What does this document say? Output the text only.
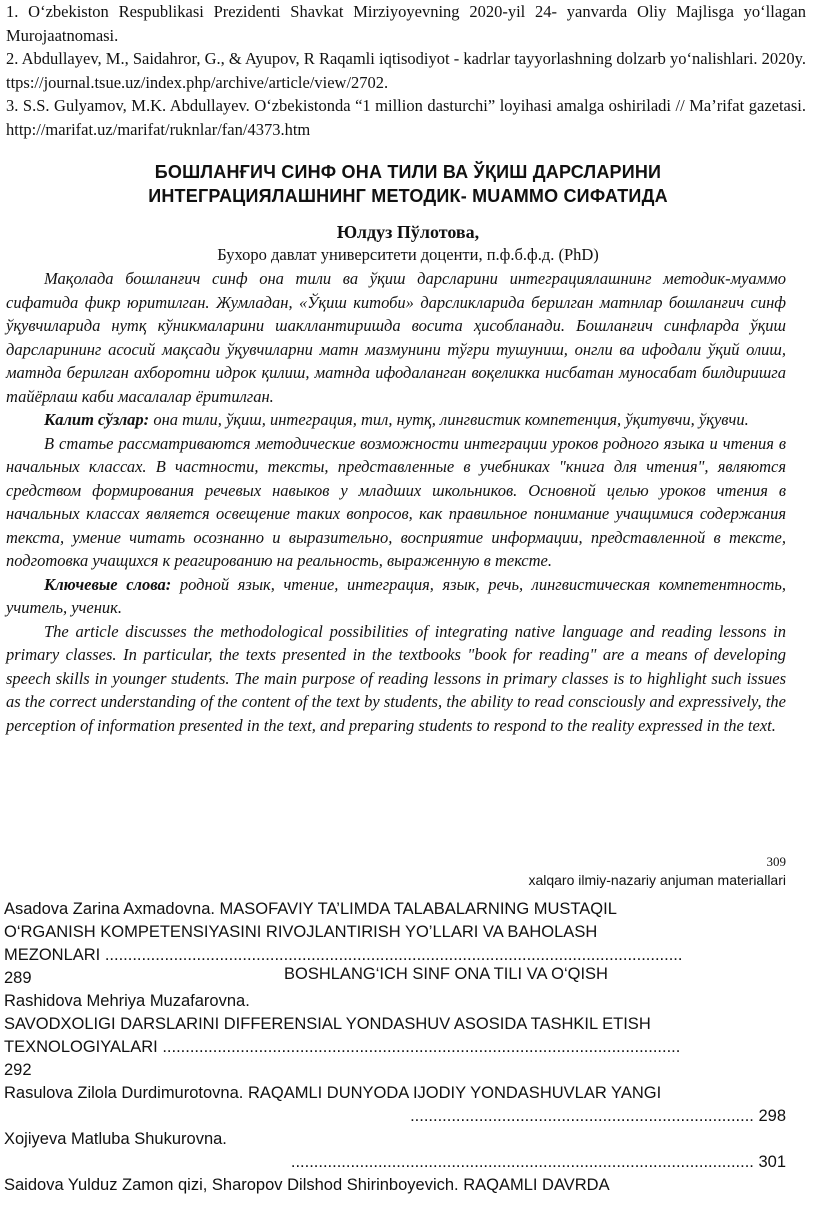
1. O‘zbekiston Respublikasi Prezidenti Shavkat Mirziyoyevning 2020-yil 24- yanvarda Oliy Majlisga yo‘llagan Murojaatnomasi.

2. Abdullayev, M., Saidahror, G., & Ayupov, R Raqamli iqtisodiyot - kadrlar tayyorlashning dolzarb yo‘nalishlari. 2020y. ttps://journal.tsue.uz/index.php/archive/article/view/2702.

3. S.S. Gulyamov, M.K. Abdullayev. O‘zbekistonda “1 million dasturchi” loyihasi amalga oshiriladi // Ma’rifat gazetasi. http://marifat.uz/marifat/ruknlar/fan/4373.htm

БОШЛАНҒИЧ СИНФ ОНА ТИЛИ ВА ЎҚИШ ДАРСЛАРИНИ
ИНТЕГРАЦИЯЛАШНИНГ МЕТОДИК- MUАММО СИФАТИДА
Юлдуз Пўлотова,
Бухоро давлат университети доценти, п.ф.б.ф.д. (PhD)

Мақолада бошланғич синф она тили ва ўқиш дарсларини интеграциялашнинг методик-муаммо сифатида фикр юритилган. Жумладан, «Ўқиш китоби» дарсликларида берилган матнлар бошланғич синф ўқувчиларида нутқ кўникмаларини шакллантиришда восита ҳисобланади. Бошланғич синфларда ўқиш дарсларининг асосий мақсади ўқувчиларни матн мазмунини тўғри тушуниш, онгли ва ифодали ўқий олиш, матнда берилган ахборотни идрок қилиш, матнда ифодаланган воқеликка нисбатан муносабат билдиришга тайёрлаш каби масалалар ёритилган.

Калит сўзлар: она тили, ўқиш, интеграция, тил, нутқ, лингвистик компетенция, ўқитувчи, ўқувчи.

В статье рассматриваются методические возможности интеграции уроков родного языка и чтения в начальных классах. В частности, тексты, представленные в учебниках "книга для чтения", являются средством формирования речевых навыков у младших школьников. Основной целью уроков чтения в начальных классах является освещение таких вопросов, как правильное понимание учащимися содержания текста, умение читать осознанно и выразительно, восприятие информации, представленной в тексте, подготовка учащихся к реагированию на реальность, выраженную в тексте.

Ключевые слова: родной язык, чтение, интеграция, язык, речь, лингвистическая компетентность, учитель, ученик.

The article discusses the methodological possibilities of integrating native language and reading lessons in primary classes. In particular, the texts presented in the textbooks "book for reading" are a means of developing speech skills in younger students. The main purpose of reading lessons in primary classes is to highlight such issues as the correct understanding of the content of the text by students, the ability to read consciously and expressively, the perception of information presented in the text, and preparing students to respond to the reality expressed in the text.

309
xalqaro ilmiy-nazariy anjuman materiallari
Asadova Zarina Axmadovna. MASOFAVIY TA’LIMDA TALABALARNING MUSTAQIL
O‘RGANISH KOMPETENSIYASINI RIVOJLANTIRISH YO’LLARI VA BAHOLASH
MEZONLARI ..............................................................................................................................
289	BOSHLANG‘ICH SINF ONA TILI VA O‘QISH
Rashidova Mehriya Muzafarovna.
SAVODXOLIGI DARSLARINI DIFFERENSIAL YONDASHUV ASOSIDA TASHKIL ETISH
TEXNOLOGIYALARI .................................................................................................................
292
Rasulova Zilola Durdimurotovna. RAQAMLI DUNYODA IJODIY YONDASHUVLAR YANGI
........................................................................... 298
Xojiyeva Matluba Shukurovna.
..................................................................................................... 301
Saidova Yulduz Zamon qizi, Sharopov Dilshod Shirinboyevich. RAQAMLI DAVRDA
